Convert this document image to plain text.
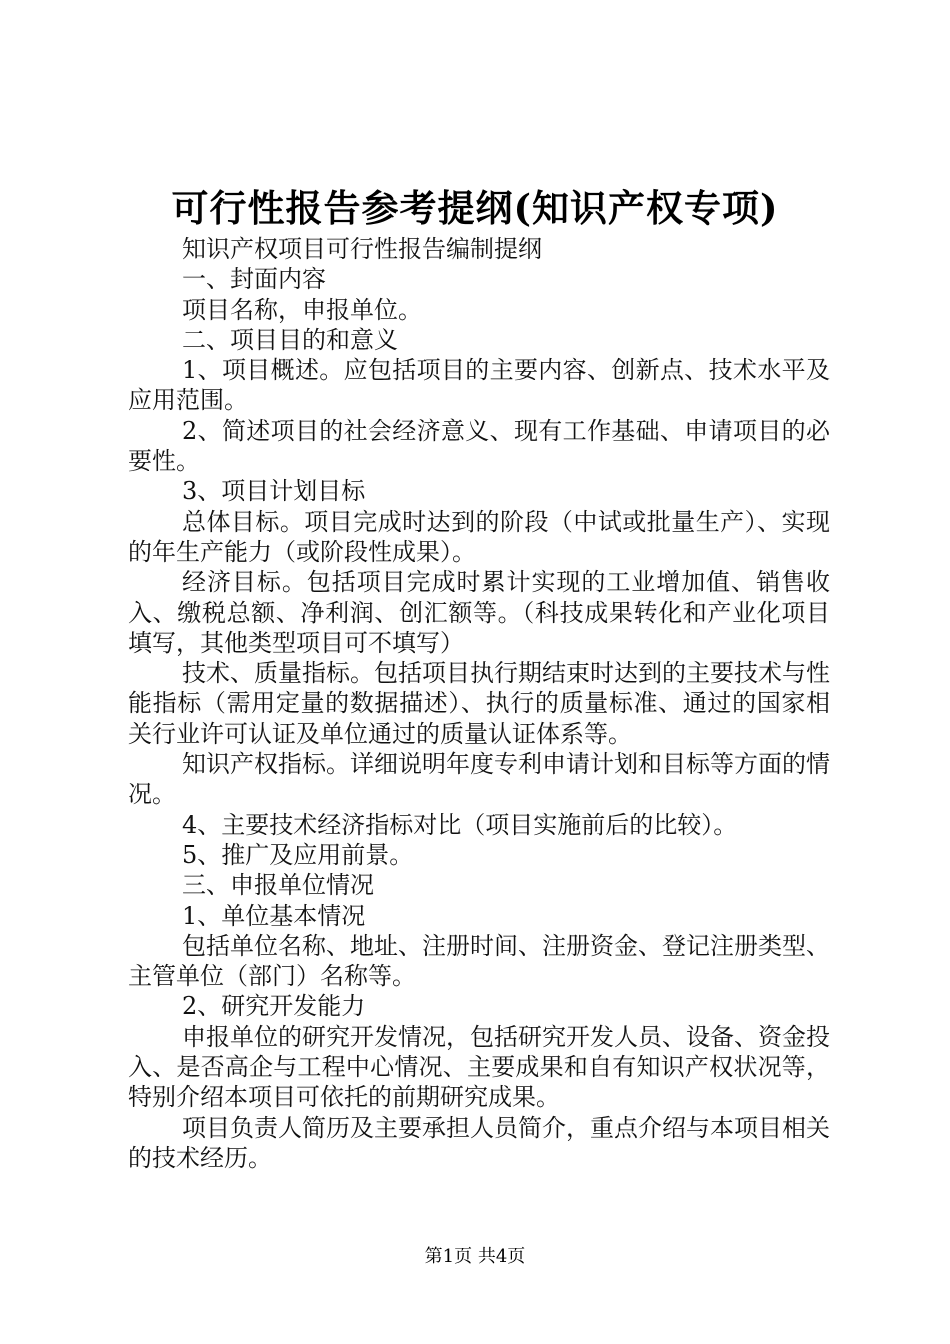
可行性报告参考提纲(知识产权专项)

知识产权项目可行性报告编制提纲

一、封面内容

项目名称，申报单位。

二、项目目的和意义

1、项目概述。应包括项目的主要内容、创新点、技术水平及应用范围。

2、简述项目的社会经济意义、现有工作基础、申请项目的必要性。

3、项目计划目标

总体目标。项目完成时达到的阶段（中试或批量生产）、实现的年生产能力（或阶段性成果）。

经济目标。包括项目完成时累计实现的工业增加值、销售收入、缴税总额、净利润、创汇额等。（科技成果转化和产业化项目填写，其他类型项目可不填写）

技术、质量指标。包括项目执行期结束时达到的主要技术与性能指标（需用定量的数据描述）、执行的质量标准、通过的国家相关行业许可认证及单位通过的质量认证体系等。

知识产权指标。详细说明年度专利申请计划和目标等方面的情况。

4、主要技术经济指标对比（项目实施前后的比较）。

5、推广及应用前景。

三、申报单位情况

1、单位基本情况

包括单位名称、地址、注册时间、注册资金、登记注册类型、主管单位（部门）名称等。

2、研究开发能力

申报单位的研究开发情况，包括研究开发人员、设备、资金投入、是否高企与工程中心情况、主要成果和自有知识产权状况等，特别介绍本项目可依托的前期研究成果。

项目负责人简历及主要承担人员简介，重点介绍与本项目相关的技术经历。

第1页 共4页
